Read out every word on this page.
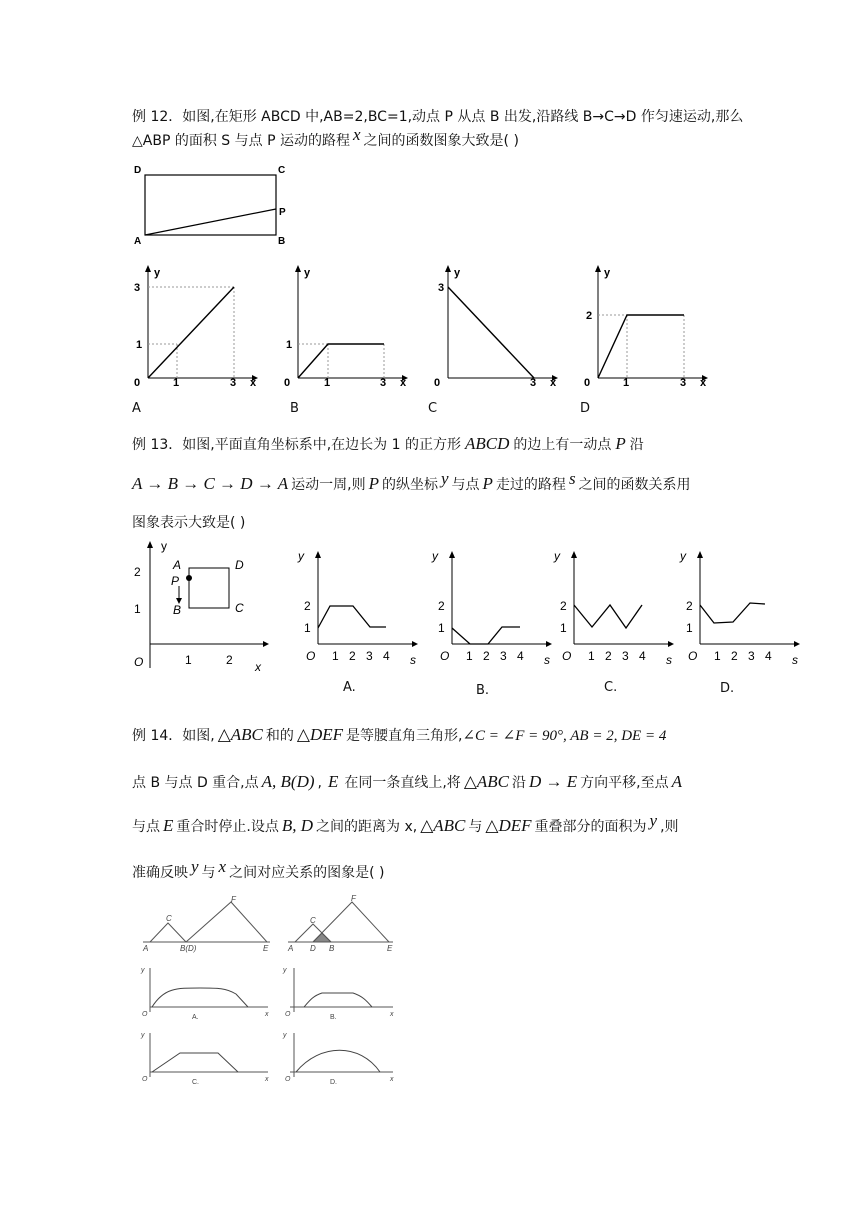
例 12．如图,在矩形 ABCD 中,AB=2,BC=1,动点 P 从点 B 出发,沿路线 B→C→D 作匀速运动,那么
△ABP 的面积 S 与点 P 运动的路程 x 之间的函数图象大致是( )
D	C
P
A	B
y
3
1
0	1	3 x
y
1
0	1	3 x
y
3
0	3 x
y
2
0	1	3 x
A	B	C	D
例 13．如图,平面直角坐标系中,在边长为 1 的正方形 ABCD 的边上有一动点 P 沿
A → B → C → D → A 运动一周,则 P 的纵坐标 y 与点 P 走过的路程 s 之间的函数关系用
图象表示大致是( )
y
2
1
O	1	2 x
A
P
B
D
C
y
2
1
O 1 2 3 4 s
y
2
1
O 1 2 3 4 s
y
2
1
O 1 2 3 4 s
y
2
1
O 1 2 3 4 s
A.	B.	C.	D.
例 14．如图, △ABC 和的 △DEF 是等腰直角三角形,∠C = ∠F = 90°, AB = 2, DE = 4
点 B 与点 D 重合,点 A, B(D) , E 在同一条直线上,将 △ABC 沿 D → E 方向平移,至点 A
与点 E 重合时停止.设点 B, D 之间的距离为 x, △ABC 与 △DEF 重叠部分的面积为 y ,则
准确反映 y 与 x 之间对应关系的图象是( )
A	B(D)
C
F
E A D B
C
F
E
y
O	x
A.
y
O	x
B.
y
O	x
C.
y
O	x
D.
